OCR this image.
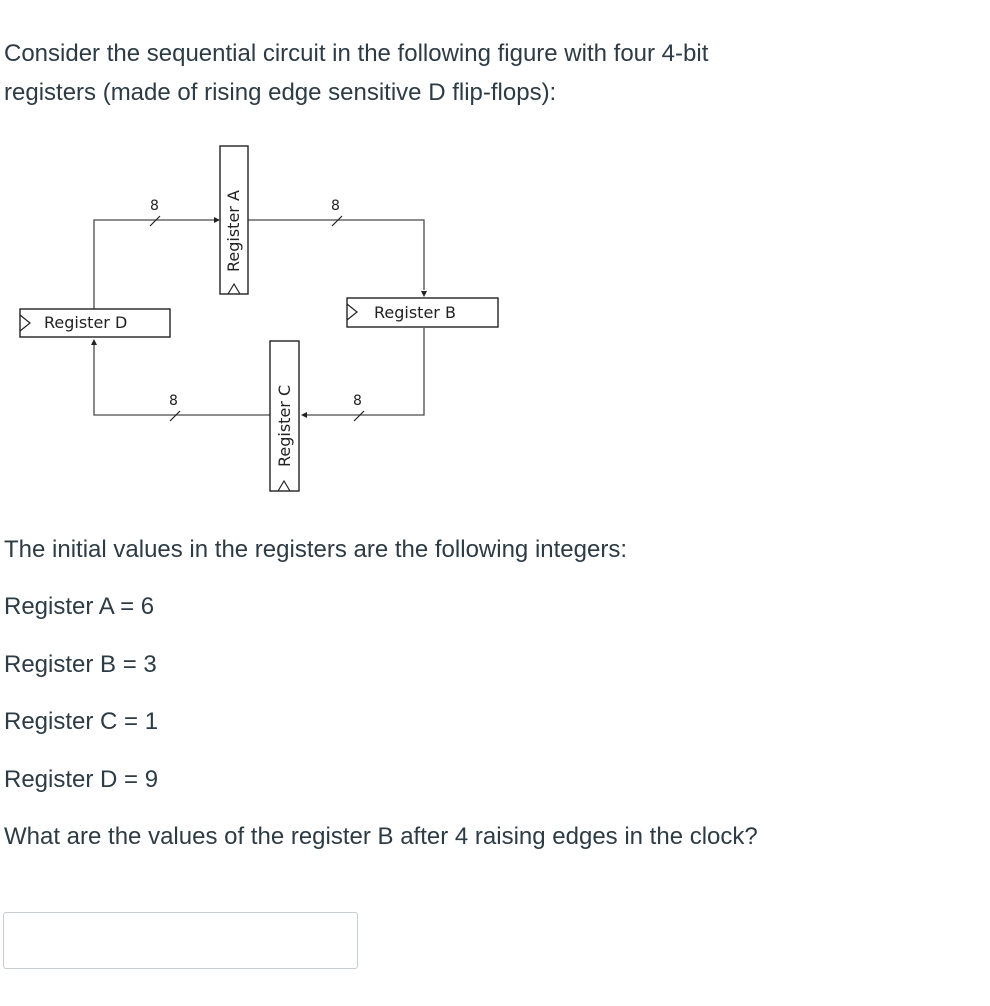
Consider the sequential circuit in the following figure with four 4-bit
registers (made of rising edge sensitive D flip-flops):

8	8
8	8
Register A
Register B
Register C
Register D

The initial values in the registers are the following integers:

Register A = 6

Register B = 3

Register C = 1

Register D = 9

What are the values of the register B after 4 raising edges in the clock?
